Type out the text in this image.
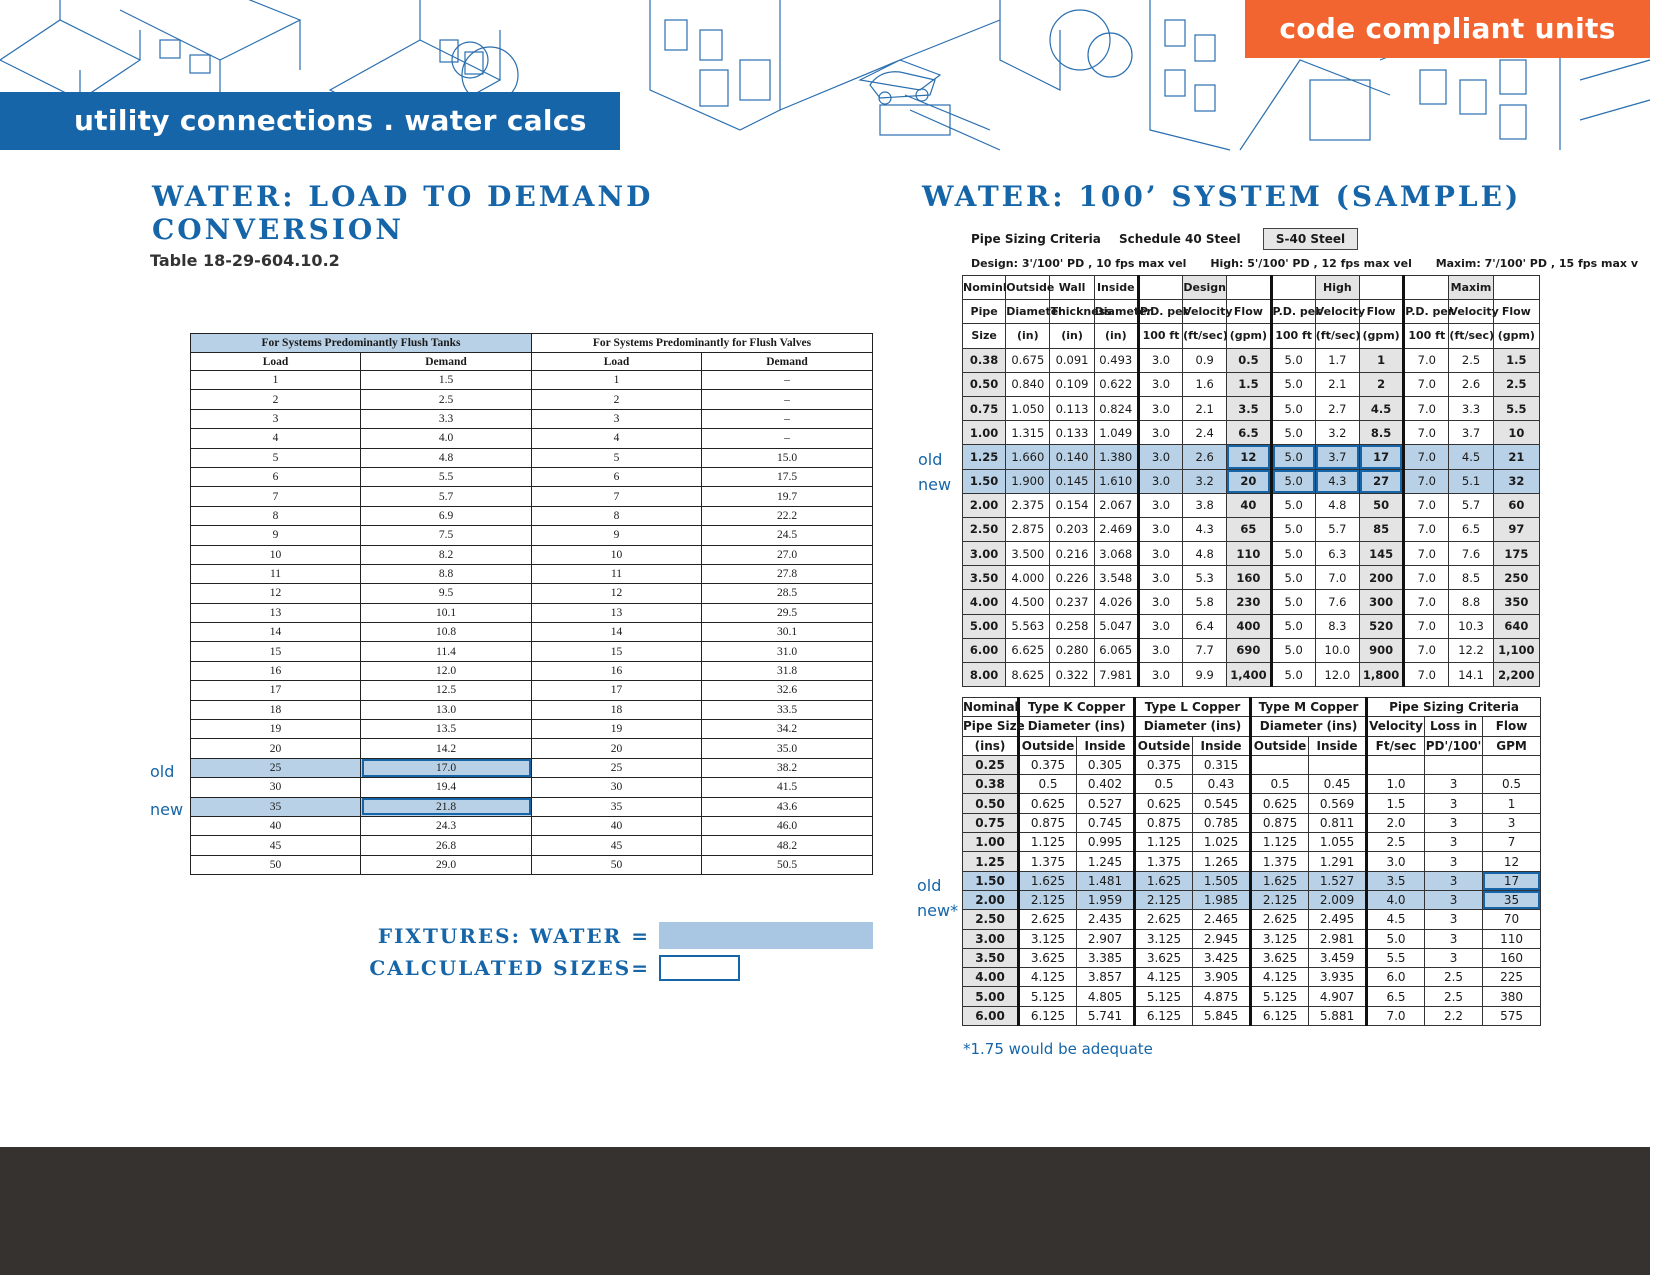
utility connections . water calcs
code compliant units
WATER: LOAD TO DEMAND
CONVERSION
Table 18-29-604.10.2
For Systems Predominantly Flush Tanks		For Systems Predominantly for Flush Valves	
Load	Demand	Load	Demand
1	1.5	1	–
2	2.5	2	–
3	3.3	3	–
4	4.0	4	–
5	4.8	5	15.0
6	5.5	6	17.5
7	5.7	7	19.7
8	6.9	8	22.2
9	7.5	9	24.5
10	8.2	10	27.0
11	8.8	11	27.8
12	9.5	12	28.5
13	10.1	13	29.5
14	10.8	14	30.1
15	11.4	15	31.0
16	12.0	16	31.8
17	12.5	17	32.6
18	13.0	18	33.5
19	13.5	19	34.2
20	14.2	20	35.0
25	17.0	25	38.2
30	19.4	30	41.5
35	21.8	35	43.6
40	24.3	40	46.0
45	26.8	45	48.2
50	29.0	50	50.5
old
new
FIXTURES: WATER =
CALCULATED SIZES=
WATER: 100’ SYSTEM (SAMPLE)
Pipe Sizing Criteria Schedule 40 Steel	S-40 Steel
Design: 3'/100' PD , 10 fps max vel High: 5'/100' PD , 12 fps max vel Maxim: 7'/100' PD , 15 fps max v
Nominl	Outside	Wall	Inside		Design			High			Maxim	
Pipe	Diameter	Thickness	Diameter	P.D. per	Velocity	Flow	P.D. per	Velocity	Flow	P.D. per	Velocity	Flow
Size	(in)	(in)	(in)	100 ft	(ft/sec)	(gpm)	100 ft	(ft/sec)	(gpm)	100 ft	(ft/sec)	(gpm)
0.38	0.675	0.091	0.493	3.0	0.9	0.5	5.0	1.7	1	7.0	2.5	1.5
0.50	0.840	0.109	0.622	3.0	1.6	1.5	5.0	2.1	2	7.0	2.6	2.5
0.75	1.050	0.113	0.824	3.0	2.1	3.5	5.0	2.7	4.5	7.0	3.3	5.5
1.00	1.315	0.133	1.049	3.0	2.4	6.5	5.0	3.2	8.5	7.0	3.7	10
1.25	1.660	0.140	1.380	3.0	2.6	12	5.0	3.7	17	7.0	4.5	21
1.50	1.900	0.145	1.610	3.0	3.2	20	5.0	4.3	27	7.0	5.1	32
2.00	2.375	0.154	2.067	3.0	3.8	40	5.0	4.8	50	7.0	5.7	60
2.50	2.875	0.203	2.469	3.0	4.3	65	5.0	5.7	85	7.0	6.5	97
3.00	3.500	0.216	3.068	3.0	4.8	110	5.0	6.3	145	7.0	7.6	175
3.50	4.000	0.226	3.548	3.0	5.3	160	5.0	7.0	200	7.0	8.5	250
4.00	4.500	0.237	4.026	3.0	5.8	230	5.0	7.6	300	7.0	8.8	350
5.00	5.563	0.258	5.047	3.0	6.4	400	5.0	8.3	520	7.0	10.3	640
6.00	6.625	0.280	6.065	3.0	7.7	690	5.0	10.0	900	7.0	12.2	1,100
8.00	8.625	0.322	7.981	3.0	9.9	1,400	5.0	12.0	1,800	7.0	14.1	2,200
old
new
Nominal	Type K Copper		Type L Copper		Type M Copper		Pipe Sizing Criteria		
Pipe Size	Diameter (ins)		Diameter (ins)		Diameter (ins)		Velocity	Loss in	Flow
(ins)	Outside	Inside	Outside	Inside	Outside	Inside	Ft/sec	PD'/100'	GPM
0.25	0.375	0.305	0.375	0.315					
0.38	0.5	0.402	0.5	0.43	0.5	0.45	1.0	3	0.5
0.50	0.625	0.527	0.625	0.545	0.625	0.569	1.5	3	1
0.75	0.875	0.745	0.875	0.785	0.875	0.811	2.0	3	3
1.00	1.125	0.995	1.125	1.025	1.125	1.055	2.5	3	7
1.25	1.375	1.245	1.375	1.265	1.375	1.291	3.0	3	12
1.50	1.625	1.481	1.625	1.505	1.625	1.527	3.5	3	17
2.00	2.125	1.959	2.125	1.985	2.125	2.009	4.0	3	35
2.50	2.625	2.435	2.625	2.465	2.625	2.495	4.5	3	70
3.00	3.125	2.907	3.125	2.945	3.125	2.981	5.0	3	110
3.50	3.625	3.385	3.625	3.425	3.625	3.459	5.5	3	160
4.00	4.125	3.857	4.125	3.905	4.125	3.935	6.0	2.5	225
5.00	5.125	4.805	5.125	4.875	5.125	4.907	6.5	2.5	380
6.00	6.125	5.741	6.125	5.845	6.125	5.881	7.0	2.2	575
old
new*
*1.75 would be adequate
